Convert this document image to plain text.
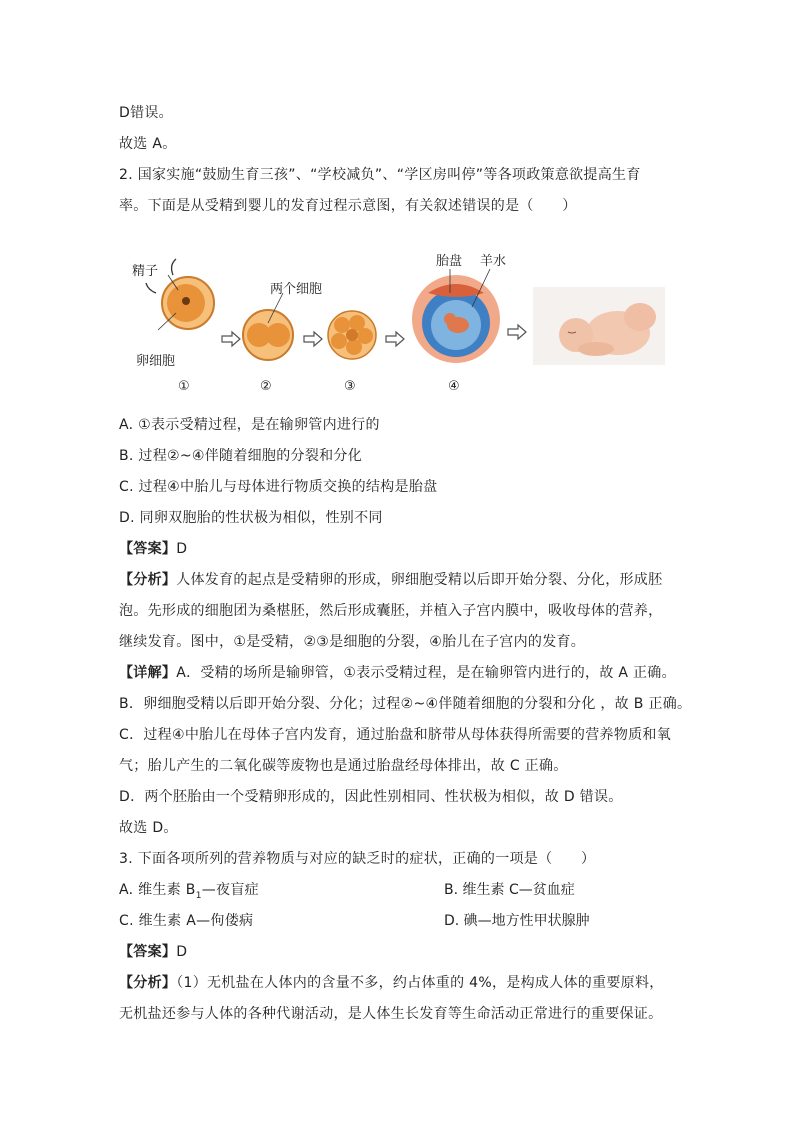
D错误。
故选 A。
2. 国家实施“鼓励生育三孩”、“学校减负”、“学区房叫停”等各项政策意欲提高生育
率。下面是从受精到婴儿的发育过程示意图，有关叙述错误的是（　　）
精子
卵细胞
①
两个细胞
②	③
胎盘 羊水
④
A. ①表示受精过程，是在输卵管内进行的
B. 过程②~④伴随着细胞的分裂和分化
C. 过程④中胎儿与母体进行物质交换的结构是胎盘
D. 同卵双胞胎的性状极为相似，性别不同
【答案】D
【分析】人体发育的起点是受精卵的形成，卵细胞受精以后即开始分裂、分化，形成胚泡。先形成的细胞团为桑椹胚，然后形成囊胚，并植入子宫内膜中，吸收母体的营养，继续发育。图中，①是受精，②③是细胞的分裂，④胎儿在子宫内的发育。
【详解】A．受精的场所是输卵管，①表示受精过程，是在输卵管内进行的，故 A 正确。
B．卵细胞受精以后即开始分裂、分化；过程②~④伴随着细胞的分裂和分化 ，故 B 正确。
C．过程④中胎儿在母体子宫内发育，通过胎盘和脐带从母体获得所需要的营养物质和氧
气；胎儿产生的二氧化碳等废物也是通过胎盘经母体排出，故 C 正确。
D．两个胚胎由一个受精卵形成的，因此性别相同、性状极为相似，故 D 错误。
故选 D。
3. 下面各项所列的营养物质与对应的缺乏时的症状，正确的一项是（　　）
A. 维生素 $B_1—$夜盲症	B. 维生素 C—贫血症
C. 维生素 A—佝偻病	D. 碘—地方性甲状腺肿
【答案】D
【分析】（1）无机盐在人体内的含量不多，约占体重的 4%，是构成人体的重要原料，无机盐还参与人体的各种代谢活动，是人体生长发育等生命活动正常进行的重要保证。
